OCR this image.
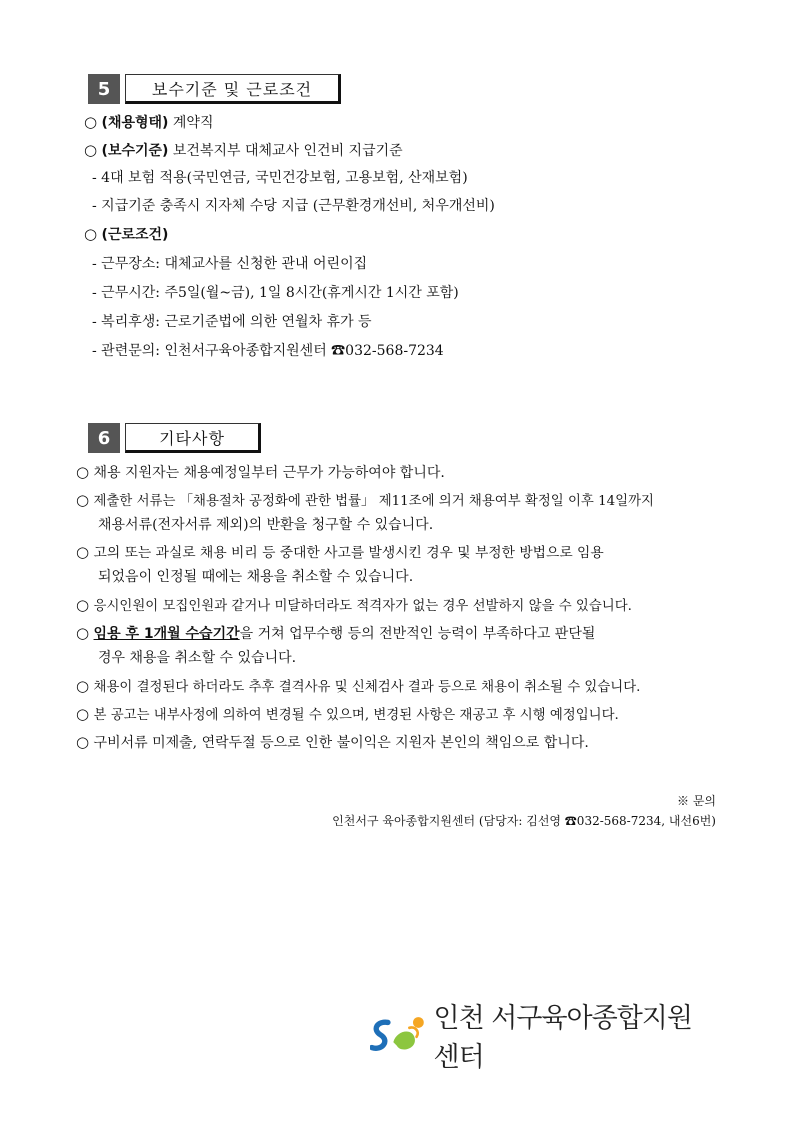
5	보수기준 및 근로조건
○ (채용형태) 계약직
○ (보수기준) 보건복지부 대체교사 인건비 지급기준
- 4대 보험 적용(국민연금, 국민건강보험, 고용보험, 산재보험)
- 지급기준 충족시 지자체 수당 지급 (근무환경개선비, 처우개선비)
○ (근로조건)
- 근무장소: 대체교사를 신청한 관내 어린이집
- 근무시간: 주5일(월~금), 1일 8시간(휴게시간 1시간 포함)
- 복리후생: 근로기준법에 의한 연월차 휴가 등
- 관련문의: 인천서구육아종합지원센터 ☎032-568-7234
6	기타사항
○ 채용 지원자는 채용예정일부터 근무가 가능하여야 합니다.
○ 제출한 서류는 「채용절차 공정화에 관한 법률」 제11조에 의거 채용여부 확정일 이후 14일까지
채용서류(전자서류 제외)의 반환을 청구할 수 있습니다.
○ 고의 또는 과실로 채용 비리 등 중대한 사고를 발생시킨 경우 및 부정한 방법으로 임용
되었음이 인정될 때에는 채용을 취소할 수 있습니다.
○ 응시인원이 모집인원과 같거나 미달하더라도 적격자가 없는 경우 선발하지 않을 수 있습니다.
○ 임용 후 1개월 수습기간을 거쳐 업무수행 등의 전반적인 능력이 부족하다고 판단될
경우 채용을 취소할 수 있습니다.
○ 채용이 결정된다 하더라도 추후 결격사유 및 신체검사 결과 등으로 채용이 취소될 수 있습니다.
○ 본 공고는 내부사정에 의하여 변경될 수 있으며, 변경된 사항은 재공고 후 시행 예정입니다.
○ 구비서류 미제출, 연락두절 등으로 인한 불이익은 지원자 본인의 책임으로 합니다.
※ 문의
인천서구 육아종합지원센터 (담당자: 김선영 ☎032-568-7234, 내선6번)
인천 서구육아종합지원센터
